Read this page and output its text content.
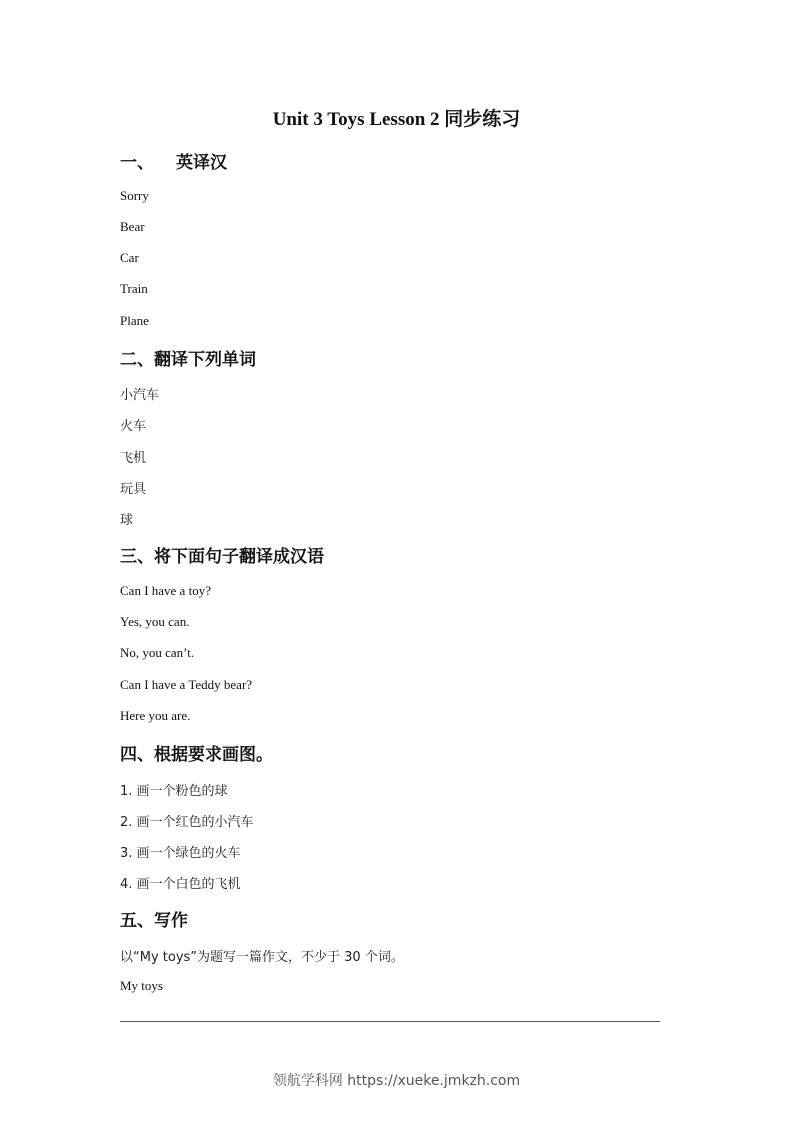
Unit 3 Toys Lesson 2 同步练习
一、 英译汉
Sorry
Bear
Car
Train
Plane
二、翻译下列单词
小汽车
火车
飞机
玩具
球
三、将下面句子翻译成汉语
Can I have a toy?
Yes, you can.
No, you can’t.
Can I have a Teddy bear?
Here you are.
四、根据要求画图。
1. 画一个粉色的球
2. 画一个红色的小汽车
3. 画一个绿色的火车
4. 画一个白色的飞机
五、写作
以“My toys”为题写一篇作文，不少于 30 个词。
My toys
领航学科网 https://xueke.jmkzh.com
